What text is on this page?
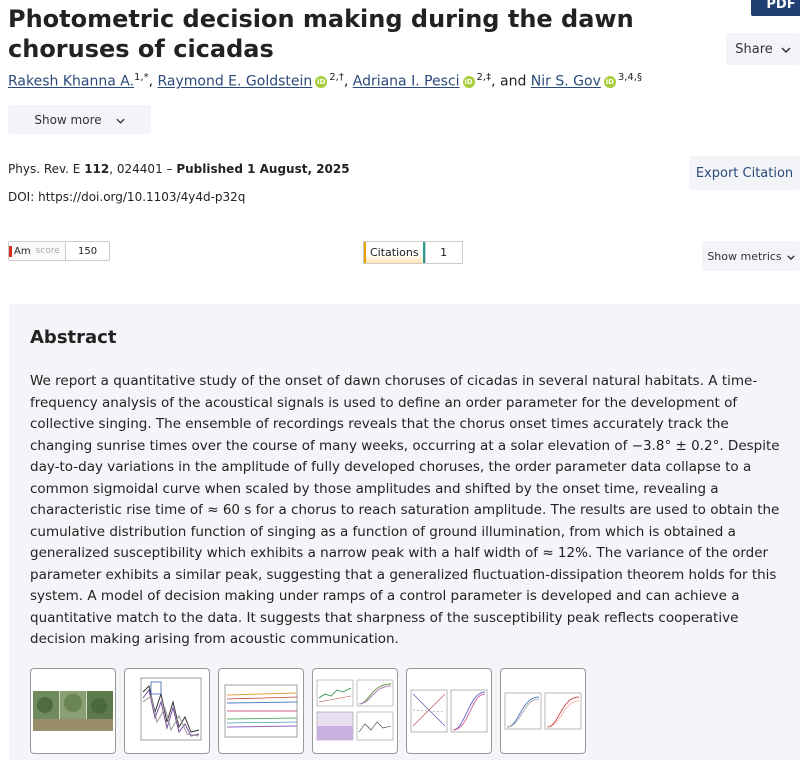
Photometric decision making during the dawn choruses of cicadas
PDF
Share
Rakesh Khanna A.$^{1,*}$, Raymond E. Goldstein iD $^{2,\dagger}$, Adriana I. Pesci iD $^{2,\ddagger}$, and Nir S. Gov iD $^{3,4,\S}$
Show more
Phys. Rev. E 112, 024401 – Published 1 August, 2025
DOI: https://doi.org/10.1103/4y4d-p32q
Export Citation
Am score	150	Citations	1	Show metrics
Abstract

We report a quantitative study of the onset of dawn choruses of cicadas in several natural habitats. A time-frequency analysis of the acoustical signals is used to define an order parameter for the development of collective singing. The ensemble of recordings reveals that the chorus onset times accurately track the changing sunrise times over the course of many weeks, occurring at a solar elevation of −3.8° ± 0.2°. Despite day-to-day variations in the amplitude of fully developed choruses, the order parameter data collapse to a common sigmoidal curve when scaled by those amplitudes and shifted by the onset time, revealing a characteristic rise time of ≈ 60 s for a chorus to reach saturation amplitude. The results are used to obtain the cumulative distribution function of singing as a function of ground illumination, from which is obtained a generalized susceptibility which exhibits a narrow peak with a half width of ≈ 12%. The variance of the order parameter exhibits a similar peak, suggesting that a generalized fluctuation-dissipation theorem holds for this system. A model of decision making under ramps of a control parameter is developed and can achieve a quantitative match to the data. It suggests that sharpness of the susceptibility peak reflects cooperative decision making arising from acoustic communication.
